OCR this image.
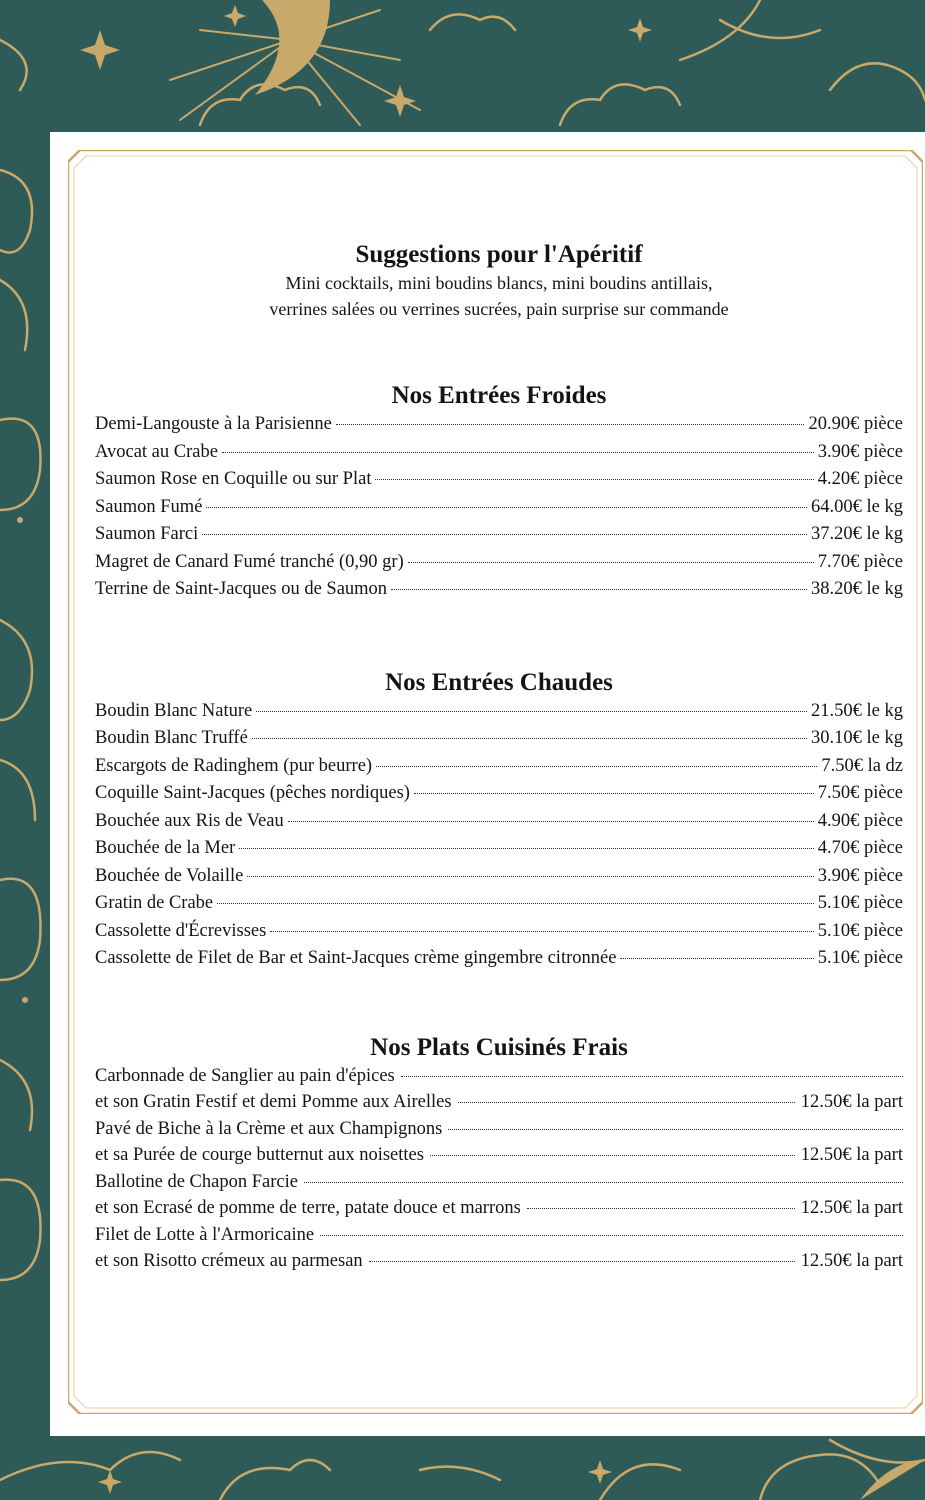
Suggestions pour l'Apéritif

Mini cocktails, mini boudins blancs, mini boudins antillais,

verrines salées ou verrines sucrées, pain surprise sur commande

Nos Entrées Froides
Demi-Langouste à la Parisienne	20.90€ pièce
Avocat au Crabe	3.90€ pièce
Saumon Rose en Coquille ou sur Plat	4.20€ pièce
Saumon Fumé	64.00€ le kg
Saumon Farci	37.20€ le kg
Magret de Canard Fumé tranché (0,90 gr)	7.70€ pièce
Terrine de Saint-Jacques ou de Saumon	38.20€ le kg
Nos Entrées Chaudes
Boudin Blanc Nature	21.50€ le kg
Boudin Blanc Truffé	30.10€ le kg
Escargots de Radinghem (pur beurre)	7.50€ la dz
Coquille Saint-Jacques (pêches nordiques)	7.50€ pièce
Bouchée aux Ris de Veau	4.90€ pièce
Bouchée de la Mer	4.70€ pièce
Bouchée de Volaille	3.90€ pièce
Gratin de Crabe	5.10€ pièce
Cassolette d'Écrevisses	5.10€ pièce
Cassolette de Filet de Bar et Saint-Jacques crème gingembre citronnée	5.10€ pièce
Nos Plats Cuisinés Frais
Carbonnade de Sanglier au pain d'épices
et son Gratin Festif et demi Pomme aux Airelles	12.50€ la part
Pavé de Biche à la Crème et aux Champignons
et sa Purée de courge butternut aux noisettes	12.50€ la part
Ballotine de Chapon Farcie
et son Ecrasé de pomme de terre, patate douce et marrons	12.50€ la part
Filet de Lotte à l'Armoricaine
et son Risotto crémeux au parmesan	12.50€ la part
